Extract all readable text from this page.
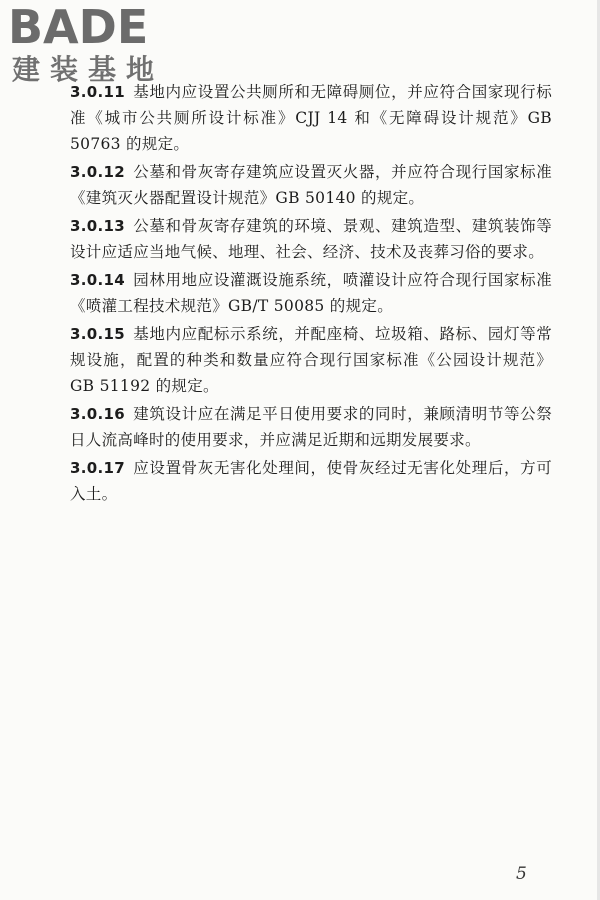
BADE
建装基地

3.0.11 基地内应设置公共厕所和无障碍厕位，并应符合国家现行标准《城市公共厕所设计标准》CJJ 14 和《无障碍设计规范》GB 50763 的规定。

3.0.12 公墓和骨灰寄存建筑应设置灭火器，并应符合现行国家标准《建筑灭火器配置设计规范》GB 50140 的规定。

3.0.13 公墓和骨灰寄存建筑的环境、景观、建筑造型、建筑装饰等设计应适应当地气候、地理、社会、经济、技术及丧葬习俗的要求。

3.0.14 园林用地应设灌溉设施系统，喷灌设计应符合现行国家标准《喷灌工程技术规范》GB/T 50085 的规定。

3.0.15 基地内应配标示系统，并配座椅、垃圾箱、路标、园灯等常规设施，配置的种类和数量应符合现行国家标准《公园设计规范》GB 51192 的规定。

3.0.16 建筑设计应在满足平日使用要求的同时，兼顾清明节等公祭日人流高峰时的使用要求，并应满足近期和远期发展要求。

3.0.17 应设置骨灰无害化处理间，使骨灰经过无害化处理后，方可入土。

5
